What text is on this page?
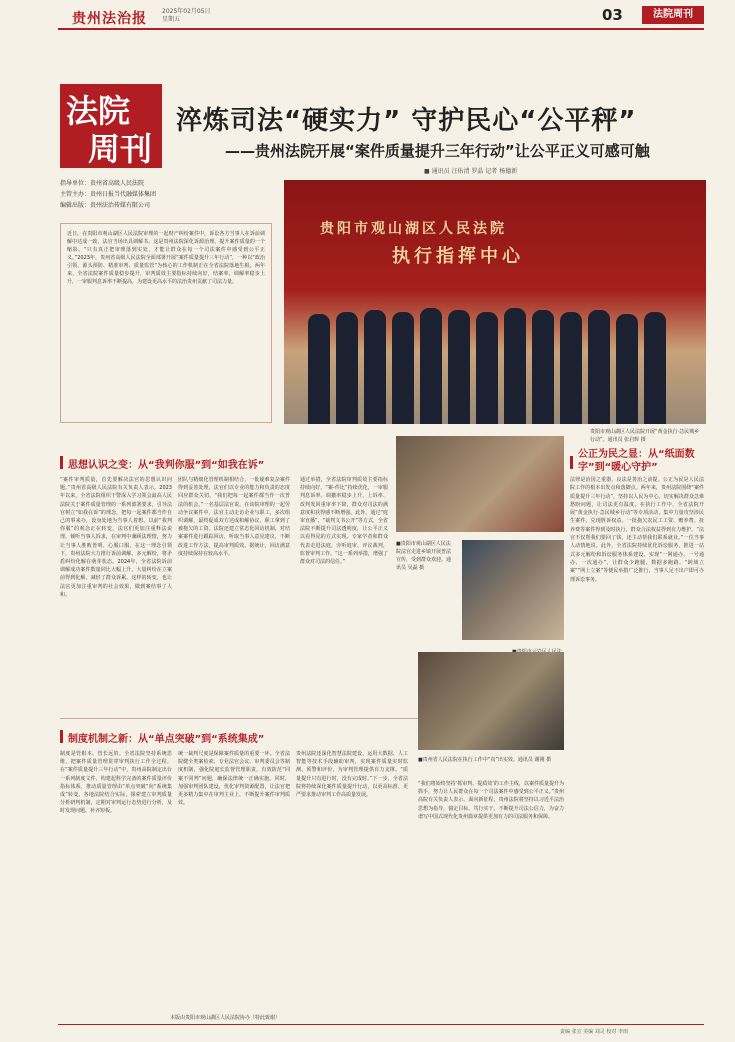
贵州法治报	2025年02月05日
星期五	03	法院周刊
法院
周刊
淬炼司法“硬实力” 守护民心“公平秤”
——贵州法院开展“案件质量提升三年行动”让公平正义可感可触
■ 通讯员 汪佑清 罗晶 记者 杨德新
指导单位：贵州省高级人民法院
主管主办：贵州日报当代融媒体集团
编辑出版：贵州法治传媒有限公司
近日，在贵阳市观山湖区人民法院审理的一起财产纠纷案件中，诉讼各方当事人在诉前调解中达成一致，法官当场出具调解书。这是贵州法院深化诉源治理、提升案件质量的一个缩影。“只有真正把审理落到实处，才能让群众在每一个司法案件中感受到公平正义。”2023年，贵州省高级人民法院全面部署开展“案件质量提升三年行动”，一种以“政治引领、源头预防、精准审判、质量监管”为核心的工作机制正在全省法院落地生根。两年来，全省法院案件质量稳步提升，审判质效主要指标持续向好，结案率、调解率稳步上升，一审服判息诉率不断提高，为建设更高水平的法治贵州贡献了司法力量。
贵阳市观山湖区人民法院
执行指挥中心
贵阳市观山湖区人民法院开展“黄金执行·急民城乡行动”。通讯员 张启辉 摄
思想认识之变：从“我判你服”到“如我在诉”
公正为民之显：从“纸面数字”到“暖心守护”
“案件审判质量，首先要解决法官的思想认识问题。”贵州省高级人民法院有关负责人表示。2023年以来，全省法院组织干警深入学习领会最高人民法院关于案件质量管理的一系列部署要求，引导法官树立“如我在诉”的理念，把每一起案件都当作自己的事来办，设身处地为当事人着想。以前“我判你服”的观念正在转变，法官们更加注重释法说理，倾听当事人诉求，在审判中兼顾法理情，努力让当事人胜败皆明、心服口服。在这一理念引领下，贵州法院大力推行诉前调解、多元解纷，将矛盾纠纷化解在萌芽状态。2024年，全省法院诉前调解成功案件数量同比大幅上升，大量纠纷在立案前得到化解，减轻了群众诉累。这样的转变，也让法官更加注重审判的社会效果，做到案结事了人和。
团队与精细化管理机制相结合，一批疑难复杂案件得到妥善处理，法官们以专业的能力和负责的态度回应群众关切。“我们把每一起案件都当作一次普法的机会。”一名基层法官说。在该院审理的一起劳动争议案件中，法官主动走访企业与职工，多次组织调解，最终促成双方达成和解协议，职工拿到了被拖欠的工资。法院还建立常态化回访机制，对结案案件进行跟踪回访，听取当事人意见建议，不断改进工作方法，提高审判质效。据统计，回访满意度持续保持在较高水平。
通过举措，全省法院审判质效主要指标持续向好，“案-件比”持续优化，一审服判息诉率、调撤率稳步上升，上诉率、改判发回重审率下降，群众对司法的满意度和获得感不断增强。此外，通过“庭审直播”、“裁判文书公开”等方式，全省法院不断提升司法透明度，让公平正义以看得见的方式实现。专家学者和群众代表走进法庭，旁听庭审、评议裁判，监督审判工作。“这一系列举措，增强了群众对司法的信任。”
■贵阳市观山湖区人民法院法官走进乡镇开展普法宣传，受到群众欢迎。通讯员 吴磊 摄
法律是治国之重器，良法是善治之前提。公正为民是人民法院工作的根本出发点和落脚点。两年来，贵州法院围绕“案件质量提升三年行动”，坚持以人民为中心，切实解决群众急难愁盼问题，让司法更有温度。在执行工作中，全省法院开展“黄金执行·急民城乡行动”等专项活动，集中力量攻坚涉民生案件，兑现胜诉权益。一批拖欠农民工工资、赡养费、抚养费等案件得到及时执行，群众合法权益得到有力维护。“法官不仅帮我们要回了钱，还主动帮我们联系就业。”一位当事人动情地说。此外，全省法院持续优化诉讼服务，推进一站式多元解纷和诉讼服务体系建设，实现“一网通办、一号通办、一次通办”，让群众少跑腿、数据多跑路。“跨域立案”“网上立案”等便民举措广泛推行，当事人足不出户即可办理诉讼事务。
制度机制之新：从“单点突破”到“系统集成”
制度是管根本、管长远的。全省法院坚持系统思维，把案件质量管理贯穿审判执行工作全过程。在“案件质量提升三年行动”中，贵州高院制定出台一系列制度文件，构建起科学完备的案件质量评价指标体系，推动质量管理由“单点突破”向“系统集成”转变。各地法院结合实际，探索建立审判质量分析研判机制，定期对审判运行态势进行分析，及时发现问题、补齐短板。
统一裁判尺度是保障案件质量的重要一环。全省法院健全类案检索、专业法官会议、审判委员会等制度机制，强化院庭长监督管理职责，有效防范“同案不同判”问题，确保法律统一正确实施。同时，加强审判团队建设，优化审判资源配置，让法官把更多精力集中在审判主业上，不断提升案件审判质效。
贵州法院还深化智慧法院建设，运用大数据、人工智能等技术手段辅助审判，实现案件质量实时监测、预警和评价，为审判管理提供有力支撑。“质量提升只有进行时，没有完成时。”下一步，全省法院将持续深化案件质量提升行动，以更高标准、更严要求推动审判工作高质量发展。
■贵州省人民法院在执行工作中“真”出实效。通讯员 谢刚 摄
“我们将始终坚持‘抓审判、提质效’的工作主线，以案件质量提升为抓手，努力让人民群众在每一个司法案件中感受到公平正义。”贵州高院有关负责人表示。面向新征程，贵州法院将坚持以习近平法治思想为指导，锚定目标、笃行实干，不断提升司法公信力，为奋力谱写中国式现代化贵州篇章提供更加有力的司法服务和保障。
本版由贵阳市观山湖区人民法院协办（特此致谢）
责编 张宣 美编 刘灵 校对 李雨
